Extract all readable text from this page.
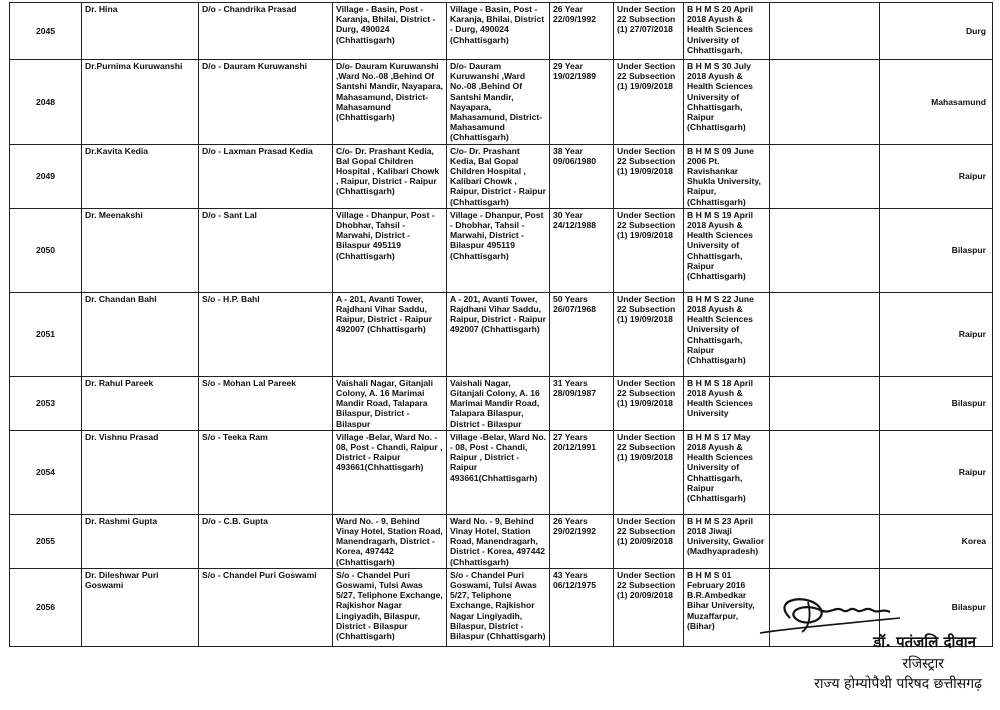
2045	Dr. Hina	D/o - Chandrika Prasad	Village - Basin, Post - Karanja, Bhilai, District - Durg, 490024 (Chhattisgarh)	Village - Basin, Post - Karanja, Bhilai, District - Durg, 490024 (Chhattisgarh)	26 Year 22/09/1992	Under Section 22 Subsection (1) 27/07/2018	B H M S 20 April 2018 Ayush & Health Sciences University of Chhattisgarh,		Durg
2048	Dr.Purnima Kuruwanshi	D/o - Dauram Kuruwanshi	D/o- Dauram Kuruwanshi ,Ward No.-08 ,Behind Of Santshi Mandir, Nayapara, Mahasamund, District- Mahasamund (Chhattisgarh)	D/o- Dauram Kuruwanshi ,Ward No.-08 ,Behind Of Santshi Mandir, Nayapara, Mahasamund, District- Mahasamund (Chhattisgarh)	29 Year 19/02/1989	Under Section 22 Subsection (1) 19/09/2018	B H M S 30 July 2018 Ayush & Health Sciences University of Chhattisgarh, Raipur (Chhattisgarh)		Mahasamund
2049	Dr.Kavita Kedia	D/o - Laxman Prasad Kedia	C/o- Dr. Prashant Kedia, Bal Gopal Children Hospital , Kalibari Chowk , Raipur, District - Raipur (Chhattisgarh)	C/o- Dr. Prashant Kedia, Bal Gopal Children Hospital , Kalibari Chowk , Raipur, District - Raipur (Chhattisgarh)	38 Year 09/06/1980	Under Section 22 Subsection (1) 19/09/2018	B H M S 09 June 2006 Pt. Ravishankar Shukla University, Raipur, (Chhattisgarh)		Raipur
2050	Dr. Meenakshi	D/o - Sant Lal	Village - Dhanpur, Post - Dhobhar, Tahsil - Marwahi, District - Bilaspur 495119 (Chhattisgarh)	Village - Dhanpur, Post - Dhobhar, Tahsil - Marwahi, District - Bilaspur 495119 (Chhattisgarh)	30 Year 24/12/1988	Under Section 22 Subsection (1) 19/09/2018	B H M S 19 April 2018 Ayush & Health Sciences University of Chhattisgarh, Raipur (Chhattisgarh)		Bilaspur
2051	Dr. Chandan Bahl	S/o - H.P. Bahl	A - 201, Avanti Tower, Rajdhani Vihar Saddu, Raipur, District - Raipur 492007 (Chhattisgarh)	A - 201, Avanti Tower, Rajdhani Vihar Saddu, Raipur, District - Raipur 492007 (Chhattisgarh)	50 Years 26/07/1968	Under Section 22 Subsection (1) 19/09/2018	B H M S 22 June 2018 Ayush & Health Sciences University of Chhattisgarh, Raipur (Chhattisgarh)		Raipur
2053	Dr. Rahul Pareek	S/o - Mohan Lal Pareek	Vaishali Nagar, Gitanjali Colony, A. 16 Marimai Mandir Road, Talapara Bilaspur, District - Bilaspur	Vaishali Nagar, Gitanjali Colony, A. 16 Marimai Mandir Road, Talapara Bilaspur, District - Bilaspur	31 Years 28/09/1987	Under Section 22 Subsection (1) 19/09/2018	B H M S 18 April 2018 Ayush & Health Sciences University		Bilaspur
2054	Dr. Vishnu Prasad	S/o - Teeka Ram	Village -Belar, Ward No. - 08, Post - Chandi, Raipur , District - Raipur 493661(Chhattisgarh)	Village -Belar, Ward No. - 08, Post - Chandi, Raipur , District - Raipur 493661(Chhattisgarh)	27 Years 20/12/1991	Under Section 22 Subsection (1) 19/09/2018	B H M S 17 May 2018 Ayush & Health Sciences University of Chhattisgarh, Raipur (Chhattisgarh)		Raipur
2055	Dr. Rashmi Gupta	D/o - C.B. Gupta	Ward No. - 9, Behind Vinay Hotel, Station Road, Manendragarh, District - Korea, 497442 (Chhattisgarh)	Ward No. - 9, Behind Vinay Hotel, Station Road, Manendragarh, District - Korea, 497442 (Chhattisgarh)	26 Years 29/02/1992	Under Section 22 Subsection (1) 20/09/2018	B H M S 23 April 2018 Jiwaji University, Gwalior (Madhyapradesh)		Korea
2056	Dr. Dileshwar Puri Goswami	S/o - Chandel Puri Goswami	S/o - Chandel Puri Goswami, Tulsi Awas 5/27, Teliphone Exchange, Rajkishor Nagar Lingiyadih, Bilaspur, District - Bilaspur (Chhattisgarh)	S/o - Chandel Puri Goswami, Tulsi Awas 5/27, Teliphone Exchange, Rajkishor Nagar Lingiyadih, Bilaspur, District - Bilaspur (Chhattisgarh)	43 Years 06/12/1975	Under Section 22 Subsection (1) 20/09/2018	B H M S 01 February 2016 B.R.Ambedkar Bihar University, Muzaffarpur, (Bihar)		Bilaspur
डॉ. पतंजलि दीवान
रजिस्ट्रार
राज्य होम्योपैथी परिषद छत्तीसगढ़
